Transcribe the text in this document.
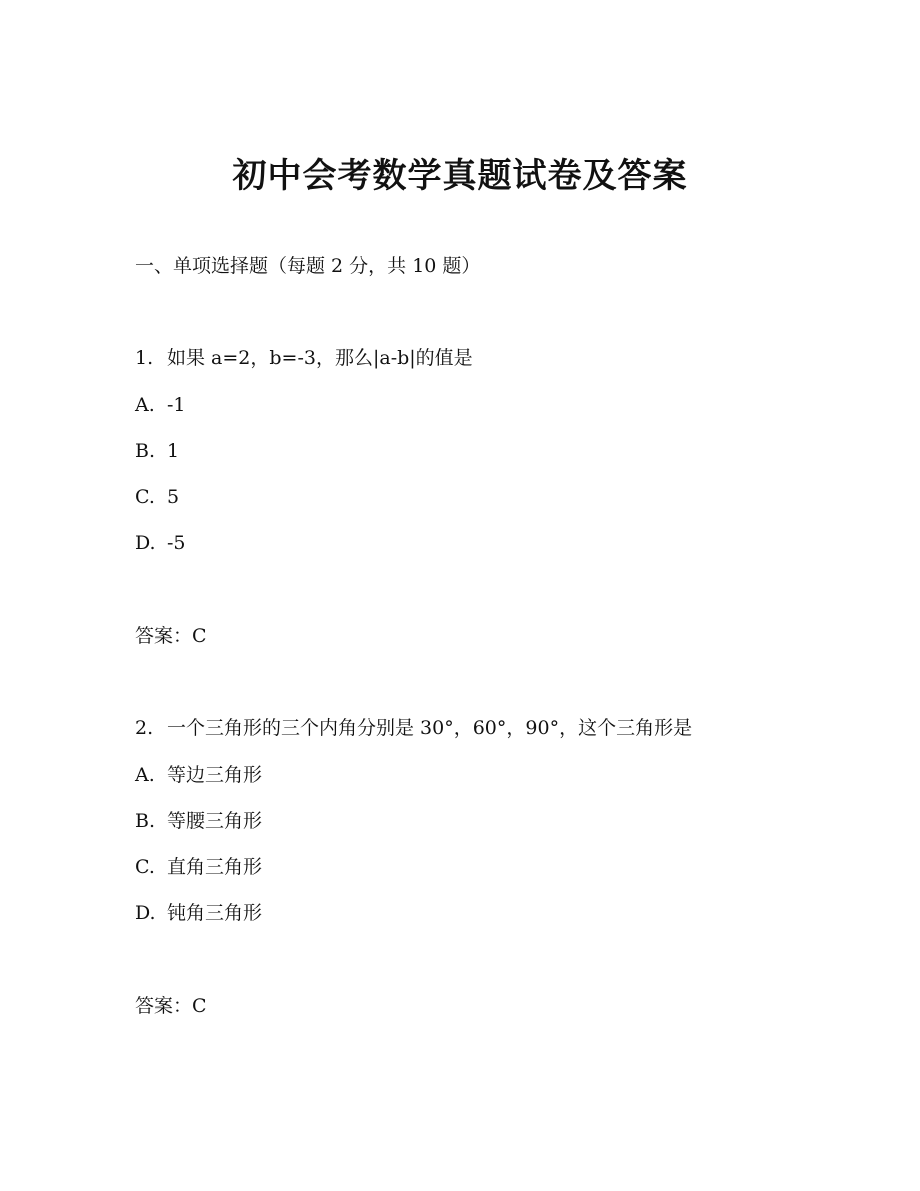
初中会考数学真题试卷及答案
一、单项选择题（每题 2 分，共 10 题）
1. 如果 a=2，b=-3，那么|a-b|的值是
A. -1
B. 1
C. 5
D. -5
答案：C
2. 一个三角形的三个内角分别是 30°，60°，90°，这个三角形是
A. 等边三角形
B. 等腰三角形
C. 直角三角形
D. 钝角三角形
答案：C
